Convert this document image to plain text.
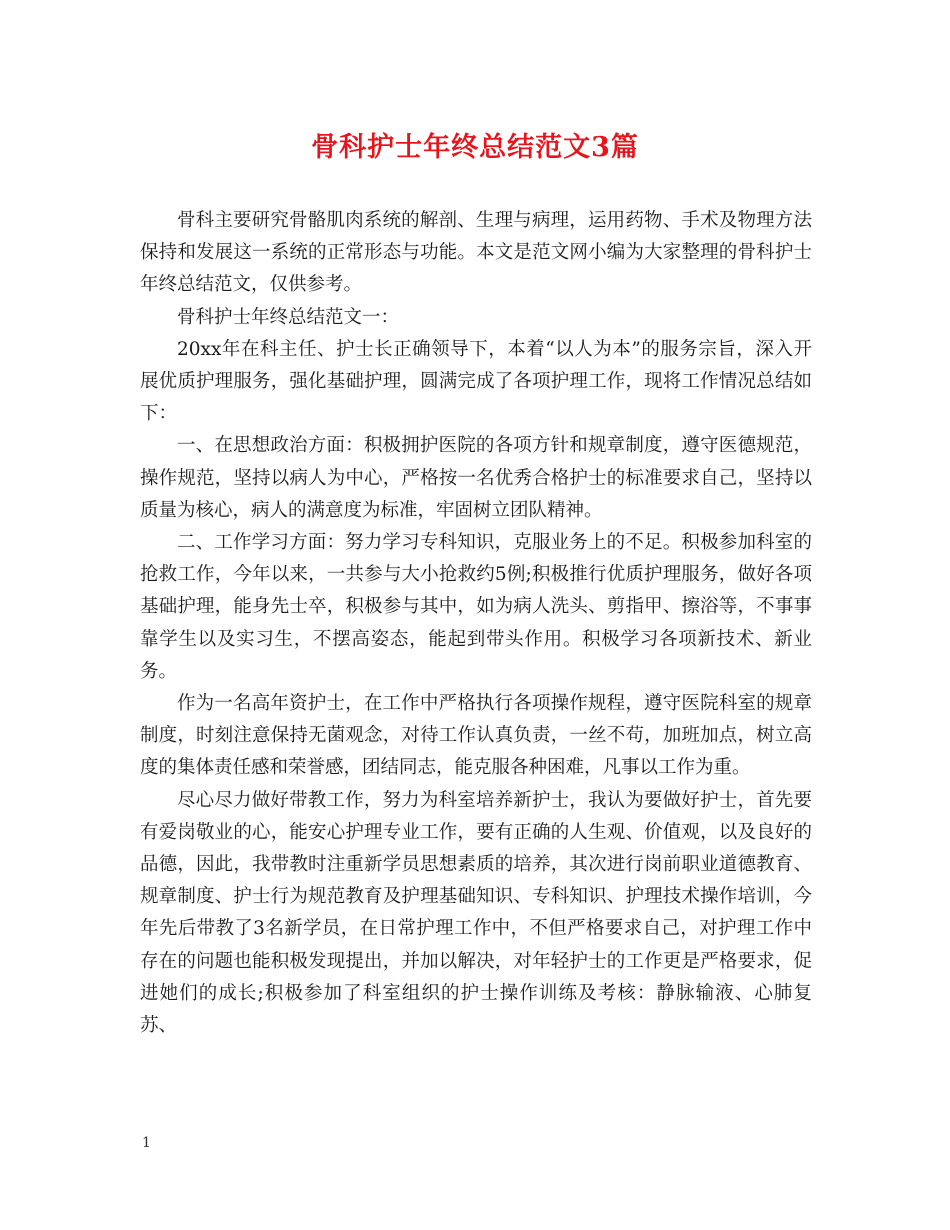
骨科护士年终总结范文3篇

骨科主要研究骨骼肌肉系统的解剖、生理与病理，运用药物、手术及物理方法保持和发展这一系统的正常形态与功能。本文是范文网小编为大家整理的骨科护士年终总结范文，仅供参考。

骨科护士年终总结范文一：

20xx年在科主任、护士长正确领导下，本着“以人为本”的服务宗旨，深入开展优质护理服务，强化基础护理，圆满完成了各项护理工作，现将工作情况总结如下：

一、在思想政治方面：积极拥护医院的各项方针和规章制度，遵守医德规范，操作规范，坚持以病人为中心，严格按一名优秀合格护士的标准要求自己，坚持以质量为核心，病人的满意度为标准，牢固树立团队精神。

二、工作学习方面：努力学习专科知识，克服业务上的不足。积极参加科室的抢救工作，今年以来，一共参与大小抢救约5例;积极推行优质护理服务，做好各项基础护理，能身先士卒，积极参与其中，如为病人洗头、剪指甲、擦浴等，不事事靠学生以及实习生，不摆高姿态，能起到带头作用。积极学习各项新技术、新业务。

作为一名高年资护士，在工作中严格执行各项操作规程，遵守医院科室的规章制度，时刻注意保持无菌观念，对待工作认真负责，一丝不苟，加班加点，树立高度的集体责任感和荣誉感，团结同志，能克服各种困难，凡事以工作为重。

尽心尽力做好带教工作，努力为科室培养新护士，我认为要做好护士，首先要有爱岗敬业的心，能安心护理专业工作，要有正确的人生观、价值观，以及良好的品德，因此，我带教时注重新学员思想素质的培养，其次进行岗前职业道德教育、规章制度、护士行为规范教育及护理基础知识、专科知识、护理技术操作培训，今年先后带教了3名新学员，在日常护理工作中，不但严格要求自己，对护理工作中存在的问题也能积极发现提出，并加以解决，对年轻护士的工作更是严格要求，促进她们的成长;积极参加了科室组织的护士操作训练及考核：静脉输液、心肺复苏、

1
